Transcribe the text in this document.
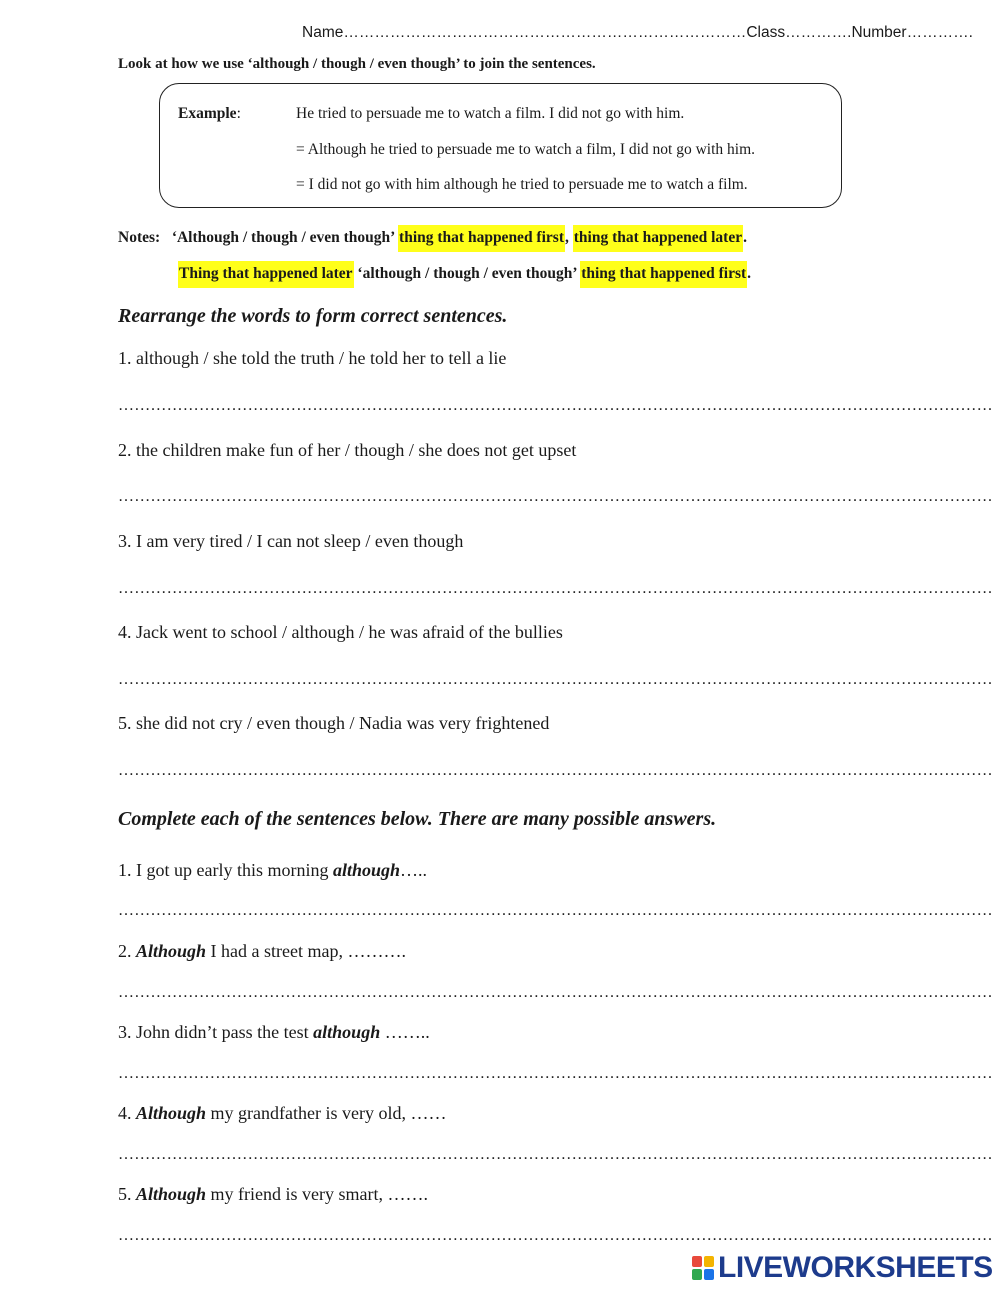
Name……………………………………………………………………Class………….Number………….
Look at how we use ‘although / though / even though’ to join the sentences.
Example:	He tried to persuade me to watch a film. I did not go with him.
= Although he tried to persuade me to watch a film, I did not go with him.
= I did not go with him although he tried to persuade me to watch a film.
Notes: ‘Although / though / even though’ thing that happened first, thing that happened later.
Thing that happened later ‘although / though / even though’ thing that happened first.
Rearrange the words to form correct sentences.
1. although / she told the truth / he told her to tell a lie
………………………………………………………………………………………………………………………………………………
2. the children make fun of her / though / she does not get upset
………………………………………………………………………………………………………………………………………………
3. I am very tired / I can not sleep / even though
………………………………………………………………………………………………………………………………………………
4. Jack went to school / although / he was afraid of the bullies
………………………………………………………………………………………………………………………………………………
5. she did not cry / even though / Nadia was very frightened
………………………………………………………………………………………………………………………………………………
Complete each of the sentences below. There are many possible answers.
1. I got up early this morning although…..
………………………………………………………………………………………………………………………………………………
2. Although I had a street map, ……….
………………………………………………………………………………………………………………………………………………
3. John didn’t pass the test although ……..
………………………………………………………………………………………………………………………………………………
4. Although my grandfather is very old, ……
………………………………………………………………………………………………………………………………………………
5. Although my friend is very smart, …….
………………………………………………………………………………………………………………………………………………
LIVEWORKSHEETS
